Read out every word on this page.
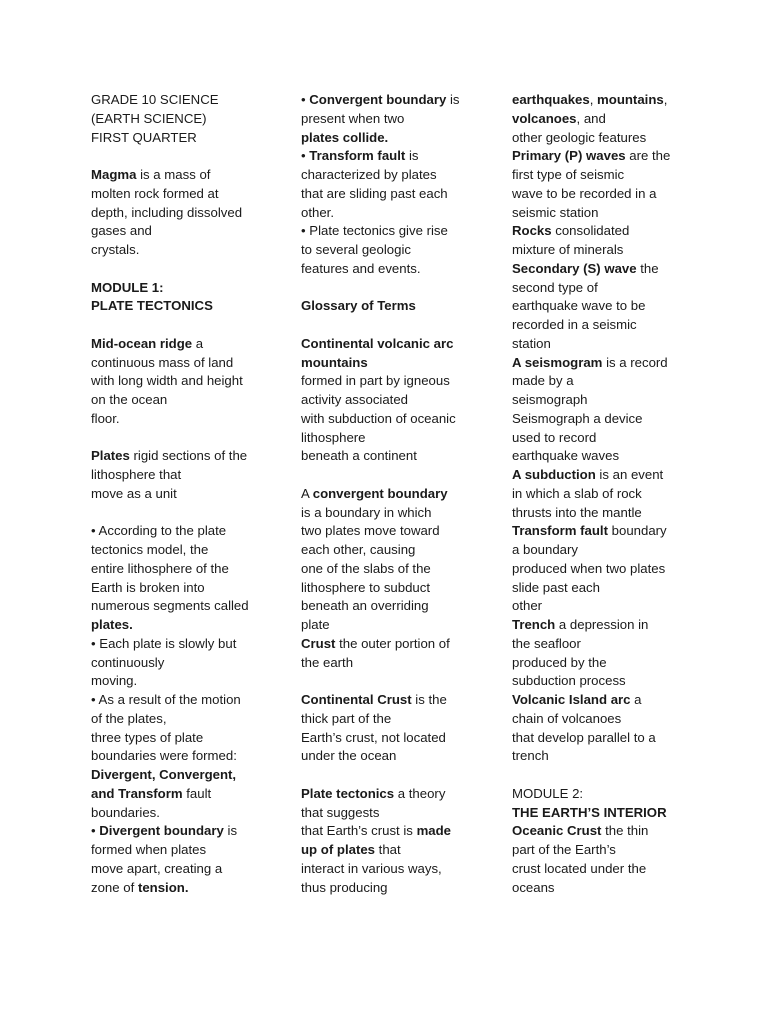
GRADE 10 SCIENCE
(EARTH SCIENCE)
FIRST QUARTER
Magma is a mass of
molten rock formed at
depth, including dissolved
gases and
crystals.
MODULE 1:
PLATE TECTONICS
Mid-ocean ridge a
continuous mass of land
with long width and height
on the ocean
floor.
Plates rigid sections of the
lithosphere that
move as a unit
• According to the plate
tectonics model, the
entire lithosphere of the
Earth is broken into
numerous segments called
plates.
• Each plate is slowly but
continuously
moving.
• As a result of the motion
of the plates,
three types of plate
boundaries were formed:
Divergent, Convergent,
and Transform fault
boundaries.
• Divergent boundary is
formed when plates
move apart, creating a
zone of tension.
• Convergent boundary is
present when two
plates collide.
• Transform fault is
characterized by plates
that are sliding past each
other.
• Plate tectonics give rise
to several geologic
features and events.
Glossary of Terms
Continental volcanic arc
mountains
formed in part by igneous
activity associated
with subduction of oceanic
lithosphere
beneath a continent
A convergent boundary
is a boundary in which
two plates move toward
each other, causing
one of the slabs of the
lithosphere to subduct
beneath an overriding
plate
Crust the outer portion of
the earth
Continental Crust is the
thick part of the
Earth’s crust, not located
under the ocean
Plate tectonics a theory
that suggests
that Earth’s crust is made
up of plates that
interact in various ways,
thus producing
earthquakes, mountains,
volcanoes, and
other geologic features
Primary (P) waves are the
first type of seismic
wave to be recorded in a
seismic station
Rocks consolidated
mixture of minerals
Secondary (S) wave the
second type of
earthquake wave to be
recorded in a seismic
station
A seismogram is a record
made by a
seismograph
Seismograph a device
used to record
earthquake waves
A subduction is an event
in which a slab of rock
thrusts into the mantle
Transform fault boundary
a boundary
produced when two plates
slide past each
other
Trench a depression in
the seafloor
produced by the
subduction process
Volcanic Island arc a
chain of volcanoes
that develop parallel to a
trench
MODULE 2:
THE EARTH’S INTERIOR
Oceanic Crust the thin
part of the Earth’s
crust located under the
oceans
